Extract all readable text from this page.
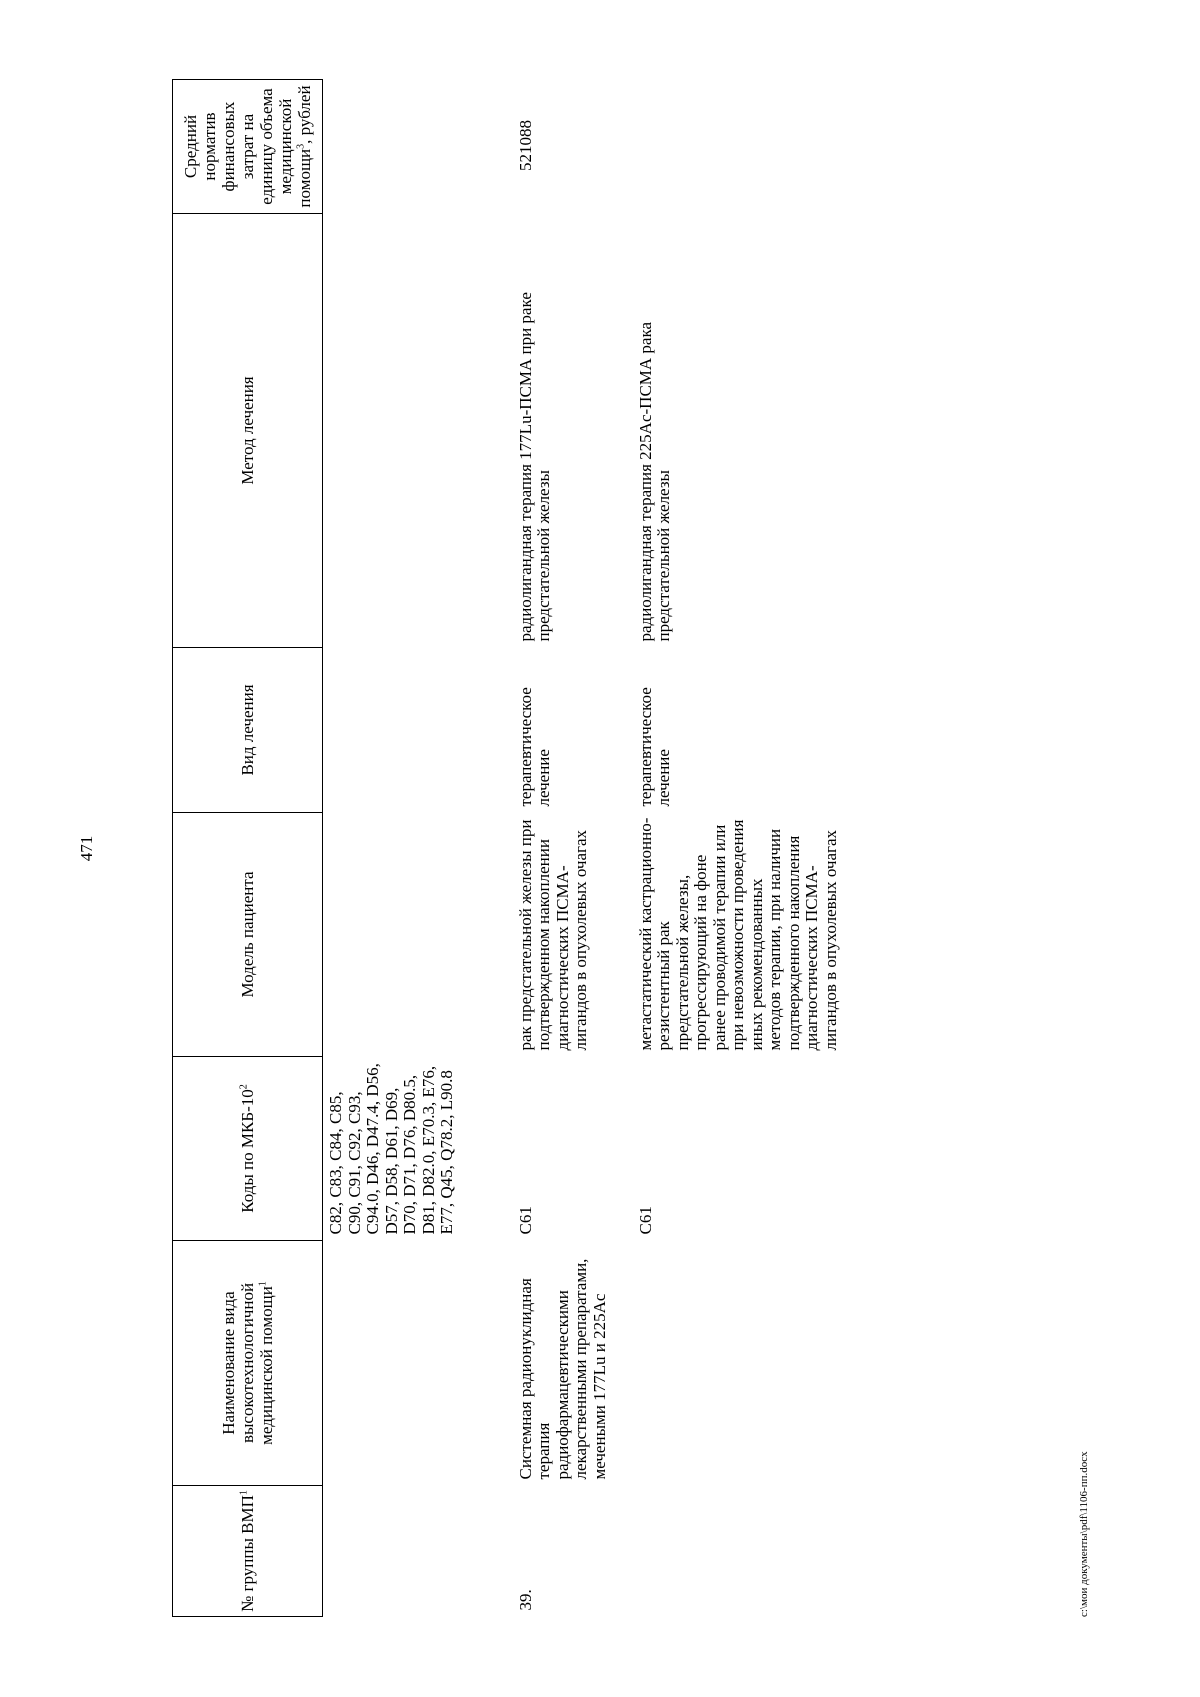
471
№ группы ВМП$^1$	Наименование вида высокотехнологичной медицинской помощи$^1$	Коды по МКБ-$10^2$	Модель пациента	Вид лечения	Метод лечения	Средний норматив финансовых затрат на единицу объема медицинской помощи$^3$, рублей
		C82, C83, C84, C85, C90, C91, C92, C93, C94.0, D46, D47.4, D56, D57, D58, D61, D69, D70, D71, D76, D80.5, D81, D82.0, E70.3, E76, E77, Q45, Q78.2, L90.8				
39.	Системная радионуклидная терапия радиофармацевтическими лекарственными препаратами, мечеными 177Lu и 225Ac	C61	рак предстательной железы при подтвержденном накоплении диагностических ПСМА-лигандов в опухолевых очагах	терапевтическое лечение	радиолигандная терапия 177Lu-ПСМА при раке предстательной железы	521088
		C61	метастатический кастрационно-резистентный рак предстательной железы, прогрессирующий на фоне ранее проводимой терапии или при невозможности проведения иных рекомендованных методов терапии, при наличии подтвержденного накопления диагностических ПСМА-лигандов в опухолевых очагах	терапевтическое лечение	радиолигандная терапия 225Ac-ПСМА рака предстательной железы	
c:\мои документы\pdf\1106-пп.docx
